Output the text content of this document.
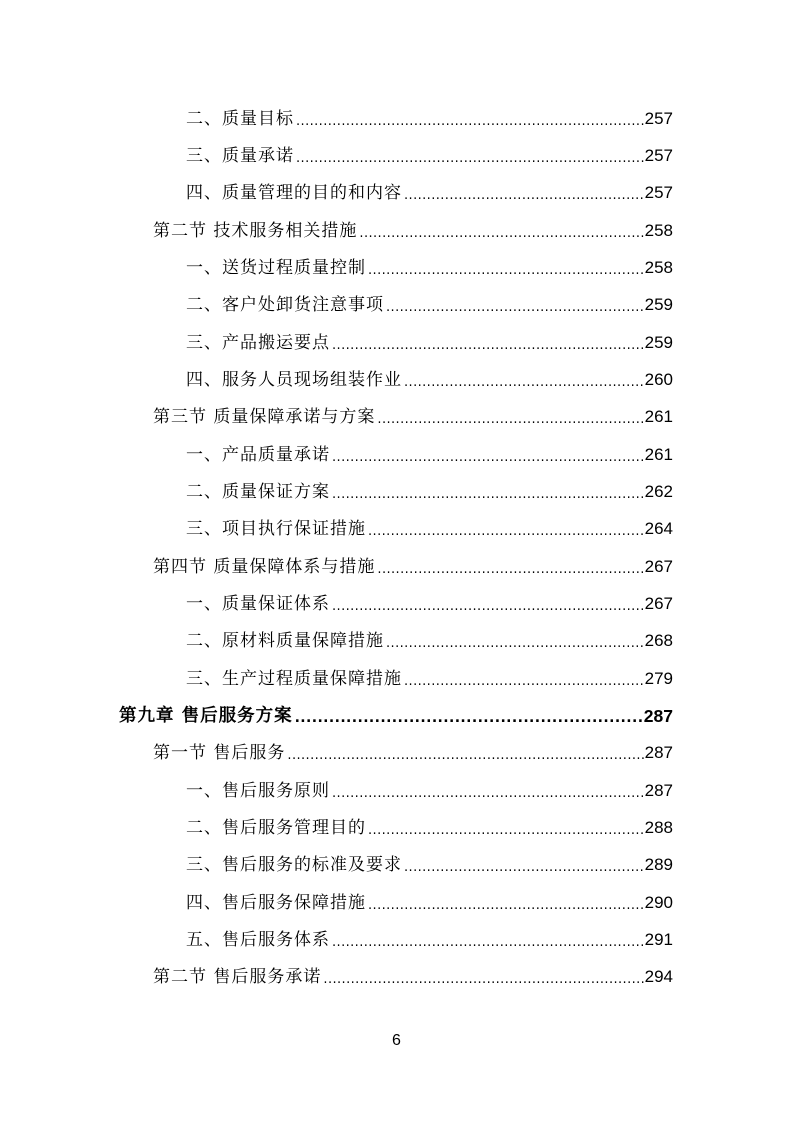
二、质量目标 .....	257
三、质量承诺 .....	257
四、质量管理的目的和内容 .....	257
第二节 技术服务相关措施 .....	258
一、送货过程质量控制 .....	258
二、客户处卸货注意事项 .....	259
三、产品搬运要点 .....	259
四、服务人员现场组装作业 .....	260
第三节 质量保障承诺与方案 .....	261
一、产品质量承诺 .....	261
二、质量保证方案 .....	262
三、项目执行保证措施 .....	264
第四节 质量保障体系与措施 .....	267
一、质量保证体系 .....	267
二、原材料质量保障措施 .....	268
三、生产过程质量保障措施 .....	279
第九章 售后服务方案 .....	287
第一节 售后服务 .....	287
一、售后服务原则 .....	287
二、售后服务管理目的 .....	288
三、售后服务的标准及要求 .....	289
四、售后服务保障措施 .....	290
五、售后服务体系 .....	291
第二节 售后服务承诺 .....	294
6
